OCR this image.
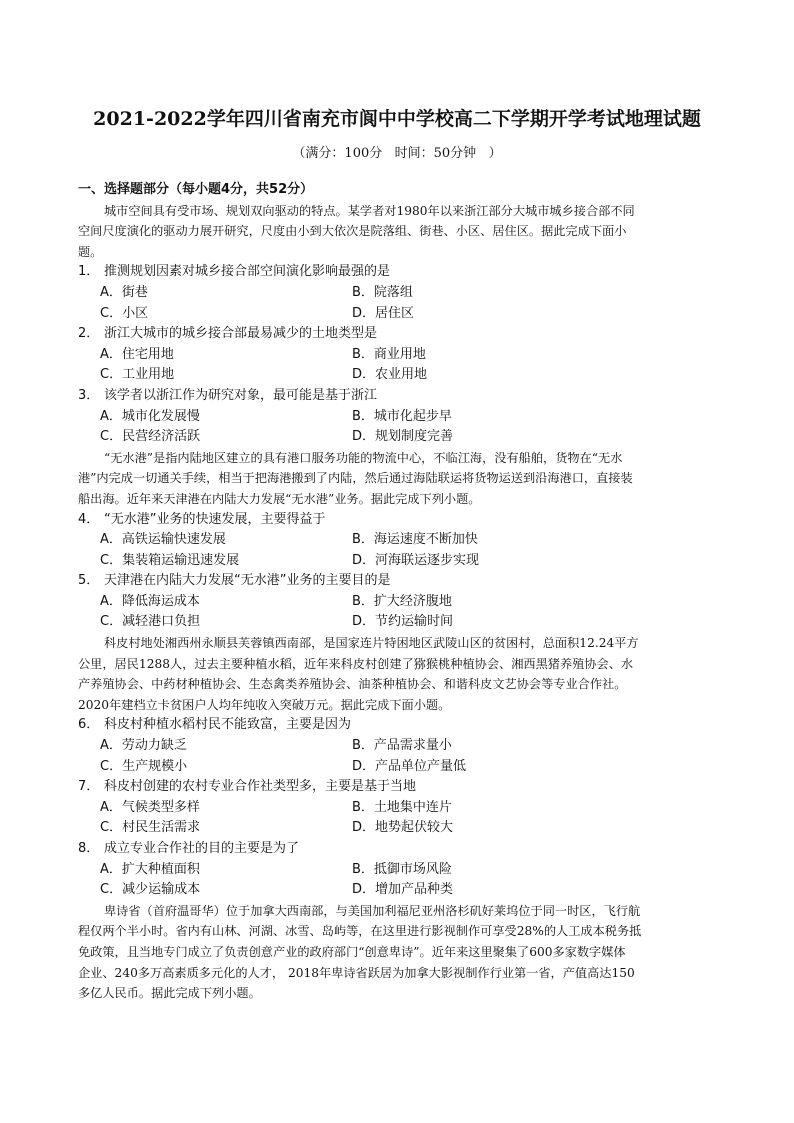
2021-2022学年四川省南充市阆中中学校高二下学期开学考试地理试题
（满分：100分   时间：50分钟   ）
一、选择题部分（每小题4分，共52分）
城市空间具有受市场、规划双向驱动的特点。某学者对1980年以来浙江部分大城市城乡接合部不同
空间尺度演化的驱动力展开研究，尺度由小到大依次是院落组、街巷、小区、居住区。据此完成下面小
题。
1． 推测规划因素对城乡接合部空间演化影响最强的是
A．街巷	B．院落组
C．小区	D．居住区
2． 浙江大城市的城乡接合部最易减少的土地类型是
A．住宅用地	B．商业用地
C．工业用地	D．农业用地
3． 该学者以浙江作为研究对象，最可能是基于浙江
A．城市化发展慢	B．城市化起步早
C．民营经济活跃	D．规划制度完善
“无水港”是指内陆地区建立的具有港口服务功能的物流中心，不临江海，没有船舶，货物在“无水
港”内完成一切通关手续，相当于把海港搬到了内陆，然后通过海陆联运将货物运送到沿海港口，直接装
船出海。近年来天津港在内陆大力发展“无水港”业务。据此完成下列小题。
4． “无水港”业务的快速发展，主要得益于
A．高铁运输快速发展	B．海运速度不断加快
C．集装箱运输迅速发展	D．河海联运逐步实现
5． 天津港在内陆大力发展“无水港”业务的主要目的是
A．降低海运成本	B．扩大经济腹地
C．减轻港口负担	D．节约运输时间
科皮村地处湘西州永顺县芙蓉镇西南部，是国家连片特困地区武陵山区的贫困村，总面积12.24平方
公里，居民1288人，过去主要种植水稻，近年来科皮村创建了猕猴桃种植协会、湘西黑猪养殖协会、水
产养殖协会、中药材种植协会、生态禽类养殖协会、油茶种植协会、和谐科皮文艺协会等专业合作社。
2020年建档立卡贫困户人均年纯收入突破万元。据此完成下面小题。
6． 科皮村种植水稻村民不能致富，主要是因为
A．劳动力缺乏	B．产品需求量小
C．生产规模小	D．产品单位产量低
7． 科皮村创建的农村专业合作社类型多，主要是基于当地
A．气候类型多样	B．土地集中连片
C．村民生活需求	D．地势起伏较大
8． 成立专业合作社的目的主要是为了
A．扩大种植面积	B．抵御市场风险
C．减少运输成本	D．增加产品种类
卑诗省（首府温哥华）位于加拿大西南部，与美国加利福尼亚州洛杉矶好莱坞位于同一时区，飞行航
程仅两个半小时。省内有山林、河湖、冰雪、岛屿等，在这里进行影视制作可享受28%的人工成本税务抵
免政策，且当地专门成立了负责创意产业的政府部门“创意卑诗”。近年来这里聚集了600多家数字媒体
企业、240多万高素质多元化的人才， 2018年卑诗省跃居为加拿大影视制作行业第一省，产值高达150
多亿人民币。据此完成下列小题。
